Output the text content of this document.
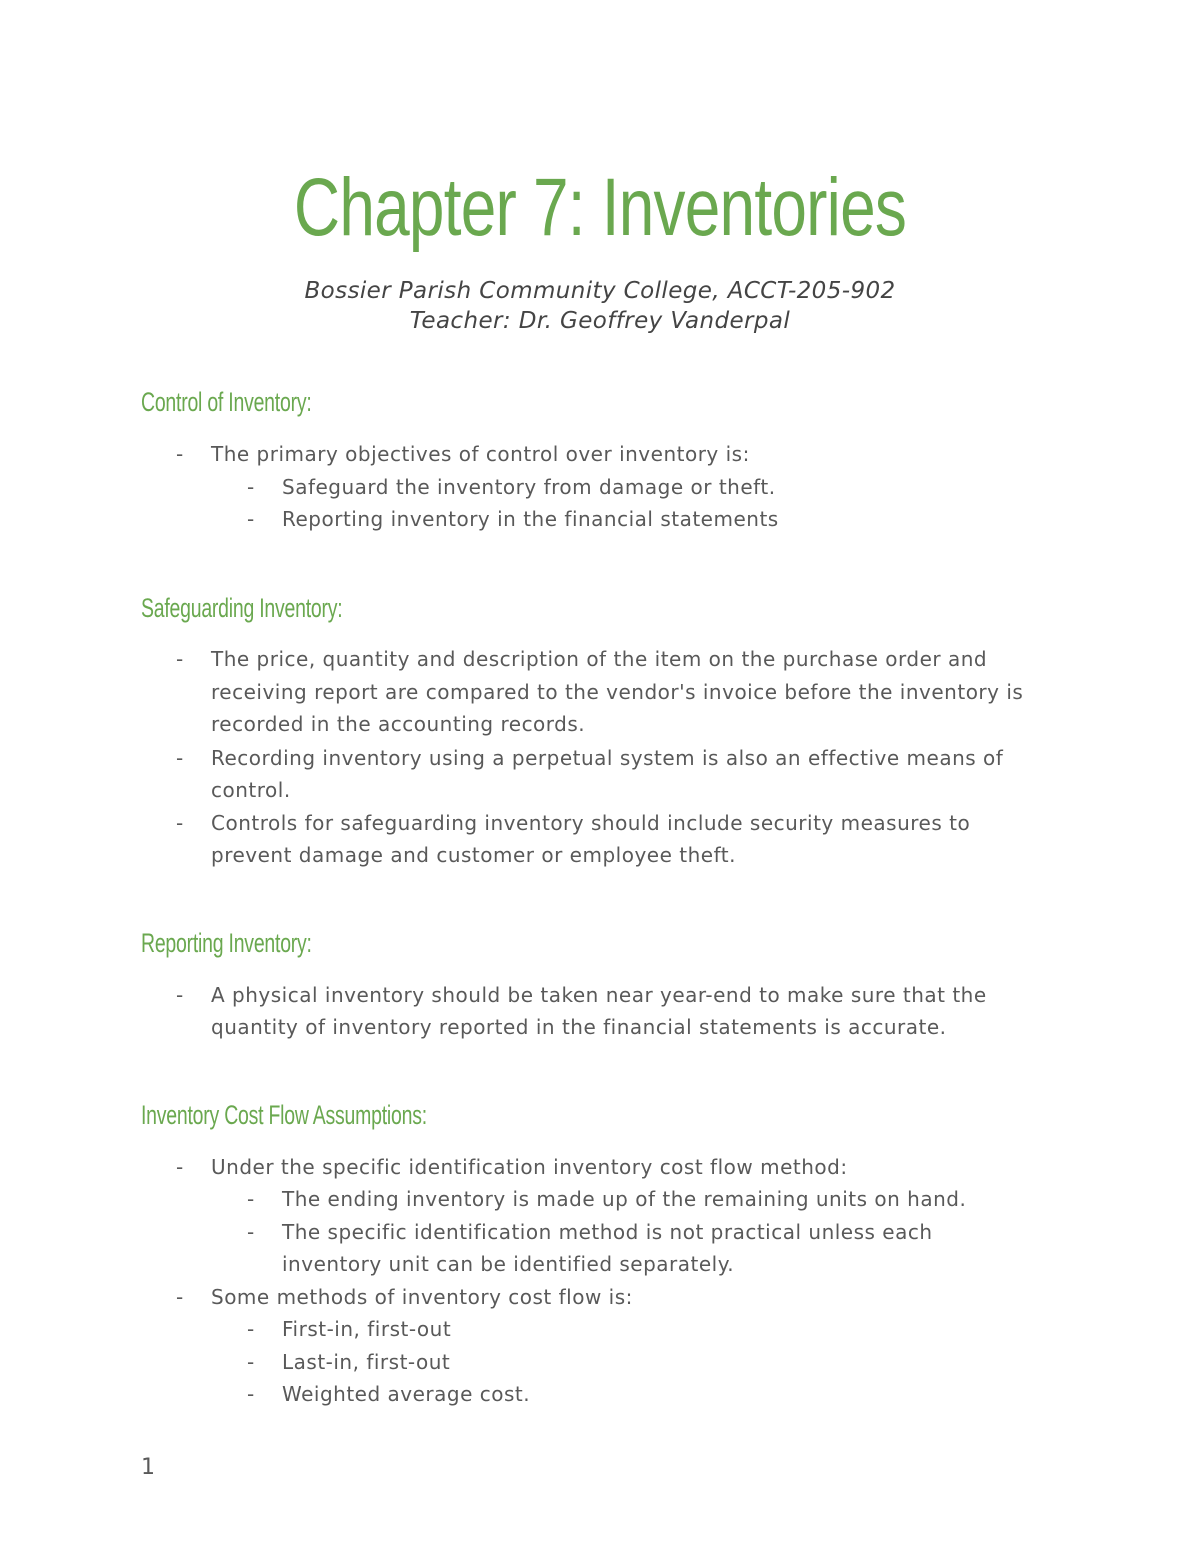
Chapter 7: Inventories
Bossier Parish Community College, ACCT-205-902
Teacher: Dr. Geoffrey Vanderpal
Control of Inventory:
- The primary objectives of control over inventory is:
- Safeguard the inventory from damage or theft.
- Reporting inventory in the financial statements
Safeguarding Inventory:
- The price, quantity and description of the item on the purchase order and
receiving report are compared to the vendor's invoice before the inventory is
recorded in the accounting records.
- Recording inventory using a perpetual system is also an effective means of
control.
- Controls for safeguarding inventory should include security measures to
prevent damage and customer or employee theft.
Reporting Inventory:
- A physical inventory should be taken near year-end to make sure that the
quantity of inventory reported in the financial statements is accurate.
Inventory Cost Flow Assumptions:
- Under the specific identification inventory cost flow method:
- The ending inventory is made up of the remaining units on hand.
- The specific identification method is not practical unless each
inventory unit can be identified separately.
- Some methods of inventory cost flow is:
- First-in, first-out
- Last-in, first-out
- Weighted average cost.
1
